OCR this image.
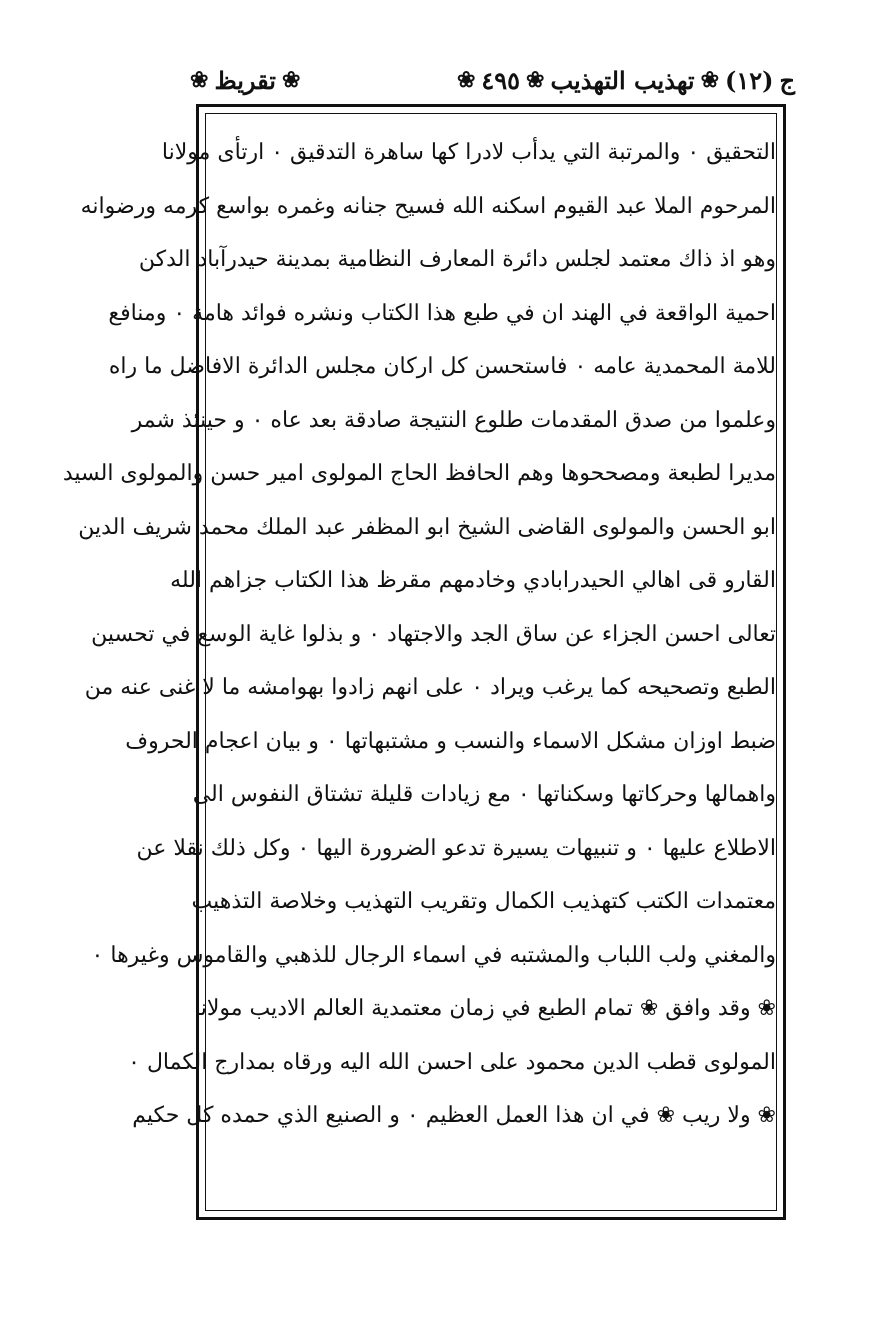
ج
(١٢)
❀
تهذيب التهذيب
❀
٤٩٥
❀
❀
تقريظ
❀
التحقيق ۰ والمرتبة التي يدأب لادرا كها ساهرة التدقيق ۰ ارتأى مولانا
المرحوم الملا عبد القيوم اسكنه الله فسيح جنانه وغمره بواسع كرمه ورضوانه
وهو اذ ذاك معتمد لجلس دائرة المعارف النظامية بمدينة حيدرآباد الدكن
احمية الواقعة في الهند ان في طبع هذا الكتاب ونشره فوائد هامة ۰ ومنافع
للامة المحمدية عامه ۰ فاستحسن كل اركان مجلس الدائرة الافاضل ما راه
وعلموا من صدق المقدمات طلوع النتيجة صادقة بعد عاه ۰ و حينئذ شمر
مديرا لطبعة ومصححوها وهم الحافظ الحاج المولوى امير حسن والمولوى السيد
ابو الحسن والمولوى القاضى الشيخ ابو المظفر عبد الملك محمد شريف الدين
القارو قى اهالي الحيدرابادي وخادمهم مقرظ هذا الكتاب جزاهم الله
تعالى احسن الجزاء عن ساق الجد والاجتهاد ۰ و بذلوا غاية الوسع في تحسين
الطبع وتصحيحه كما يرغب ويراد ۰ على انهم زادوا بهوامشه ما لا غنى عنه من
ضبط اوزان مشكل الاسماء والنسب و مشتبهاتها ۰ و بيان اعجام الحروف
واهمالها وحركاتها وسكناتها ۰ مع زيادات قليلة تشتاق النفوس الى
الاطلاع عليها ۰ و تنبيهات يسيرة تدعو الضرورة اليها ۰ وكل ذلك نقلا عن
معتمدات الكتب كتهذيب الكمال وتقريب التهذيب وخلاصة التذهيب
والمغني ولب اللباب والمشتبه في اسماء الرجال للذهبي والقاموس وغيرها ۰
❀ وقد وافق ❀ تمام الطبع في زمان معتمدية العالم الاديب مولانا
المولوى قطب الدين محمود على احسن الله اليه ورقاه بمدارج الكمال ۰
❀ ولا ريب ❀ في ان هذا العمل العظيم ۰ و الصنيع الذي حمده كل حكيم
